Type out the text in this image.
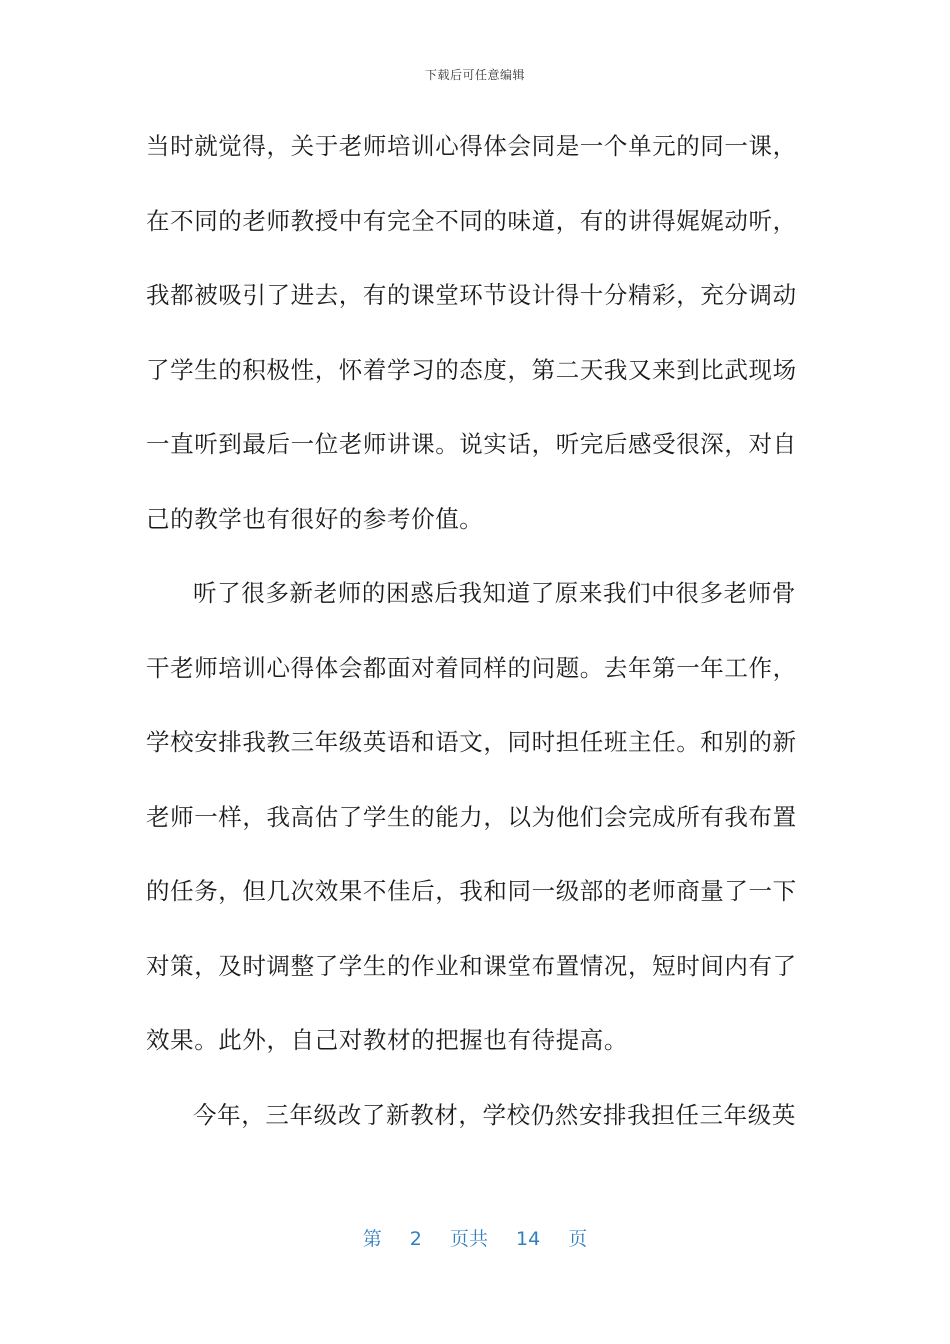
下载后可任意编辑
当时就觉得，关于老师培训心得体会同是一个单元的同一课，
在不同的老师教授中有完全不同的味道，有的讲得娓娓动听，
我都被吸引了进去，有的课堂环节设计得十分精彩，充分调动
了学生的积极性，怀着学习的态度，第二天我又来到比武现场
一直听到最后一位老师讲课。说实话，听完后感受很深，对自
己的教学也有很好的参考价值。
听了很多新老师的困惑后我知道了原来我们中很多老师骨
干老师培训心得体会都面对着同样的问题。去年第一年工作，
学校安排我教三年级英语和语文，同时担任班主任。和别的新
老师一样，我高估了学生的能力，以为他们会完成所有我布置
的任务，但几次效果不佳后，我和同一级部的老师商量了一下
对策，及时调整了学生的作业和课堂布置情况，短时间内有了
效果。此外，自己对教材的把握也有待提高。
今年，三年级改了新教材，学校仍然安排我担任三年级英
第 2 页共 14 页
